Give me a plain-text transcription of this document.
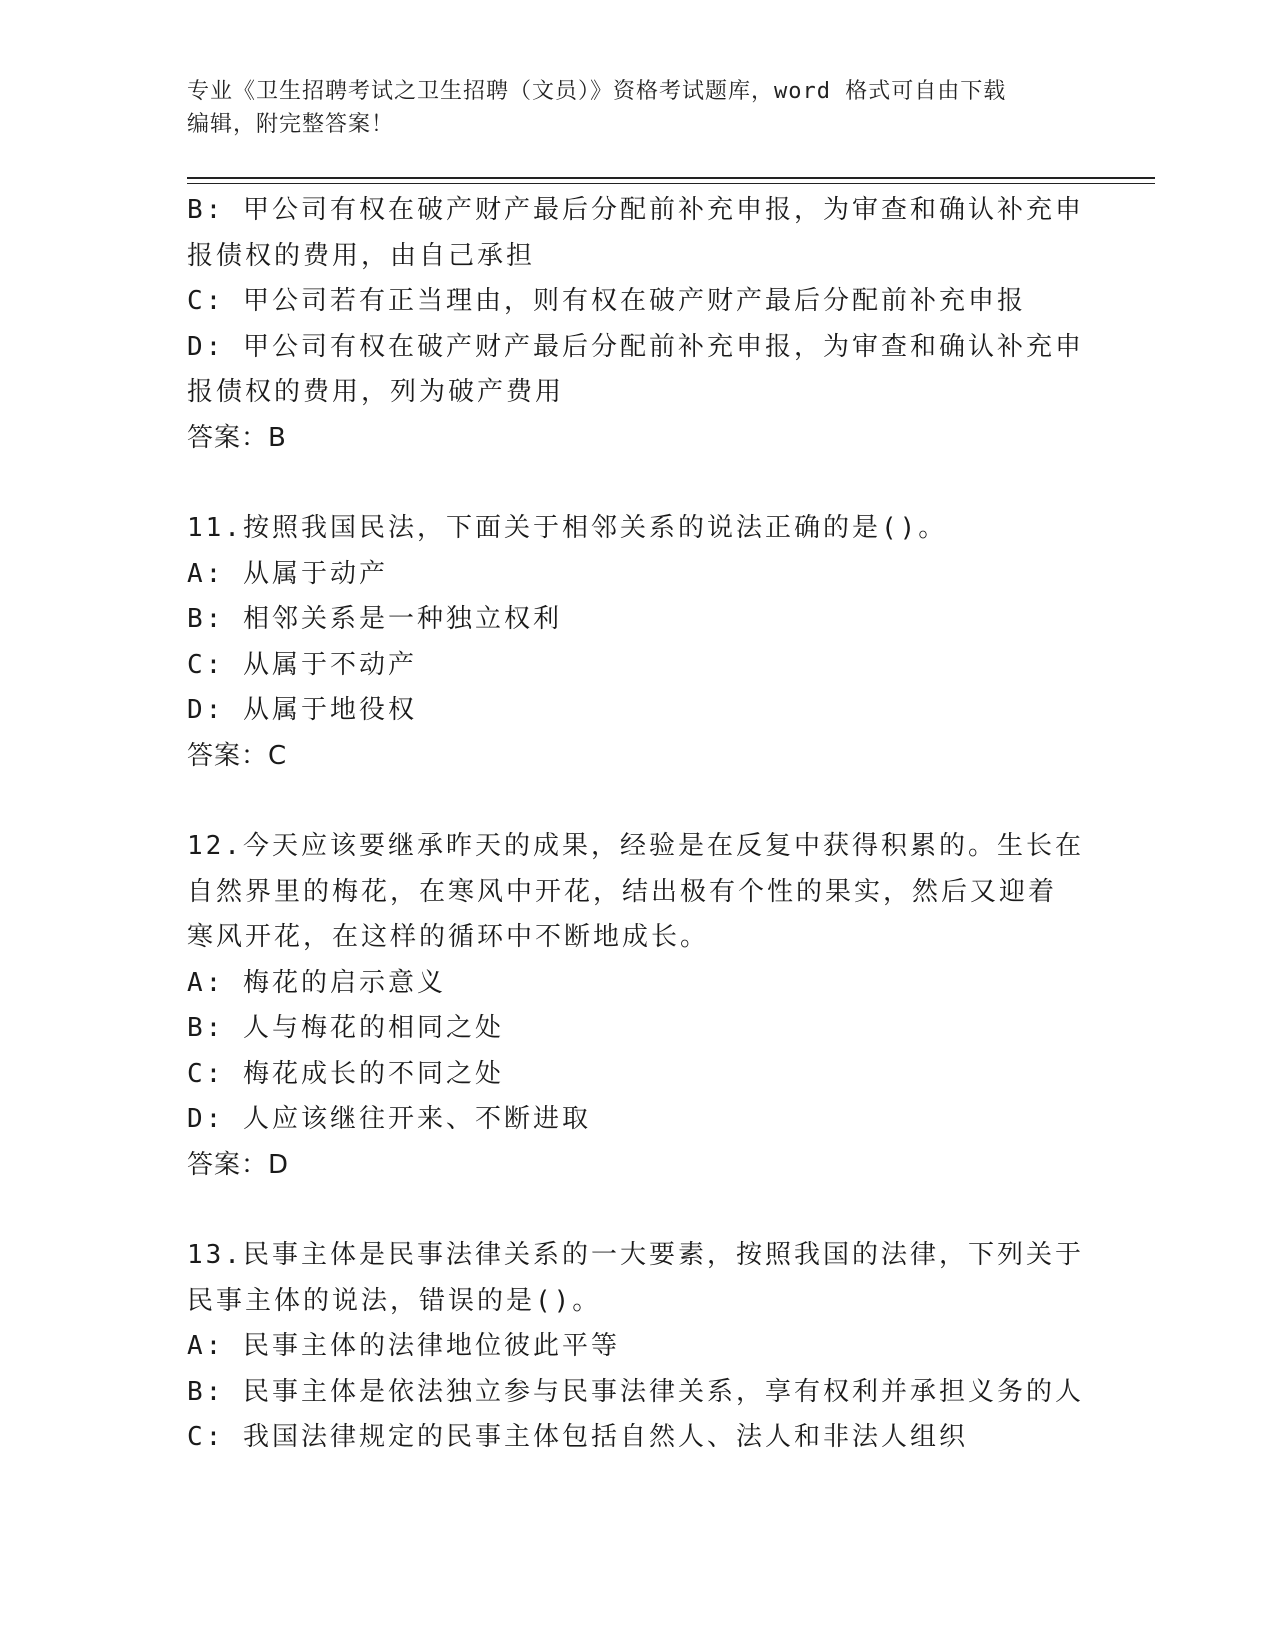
专业《卫生招聘考试之卫生招聘（文员）》资格考试题库，word 格式可自由下载
编辑，附完整答案！

B: 甲公司有权在破产财产最后分配前补充申报，为审查和确认补充申

报债权的费用，由自己承担

C: 甲公司若有正当理由，则有权在破产财产最后分配前补充申报

D: 甲公司有权在破产财产最后分配前补充申报，为审查和确认补充申

报债权的费用，列为破产费用

答案：B

11.按照我国民法，下面关于相邻关系的说法正确的是()。

A: 从属于动产

B: 相邻关系是一种独立权利

C: 从属于不动产

D: 从属于地役权

答案：C

12.今天应该要继承昨天的成果，经验是在反复中获得积累的。生长在

自然界里的梅花，在寒风中开花，结出极有个性的果实，然后又迎着

寒风开花，在这样的循环中不断地成长。

A: 梅花的启示意义

B: 人与梅花的相同之处

C: 梅花成长的不同之处

D: 人应该继往开来、不断进取

答案：D

13.民事主体是民事法律关系的一大要素，按照我国的法律，下列关于

民事主体的说法，错误的是()。

A: 民事主体的法律地位彼此平等

B: 民事主体是依法独立参与民事法律关系，享有权利并承担义务的人

C: 我国法律规定的民事主体包括自然人、法人和非法人组织
